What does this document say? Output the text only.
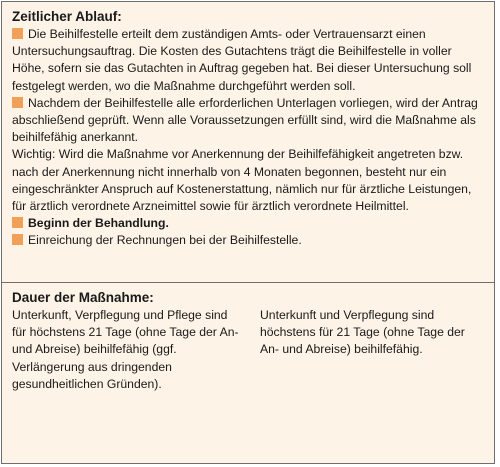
Zeitlicher Ablauf:

Die Beihilfestelle erteilt dem zuständigen Amts- oder Vertrauensarzt einen Untersuchungsauftrag. Die Kosten des Gutachtens trägt die Beihilfestelle in voller Höhe, sofern sie das Gutachten in Auftrag gegeben hat. Bei dieser Untersuchung soll festgelegt werden, wo die Maßnahme durchgeführt werden soll.

Nachdem der Beihilfestelle alle erforderlichen Unterlagen vorliegen, wird der Antrag abschließend geprüft. Wenn alle Voraussetzungen erfüllt sind, wird die Maßnahme als beihilfefähig anerkannt.

Wichtig: Wird die Maßnahme vor Anerkennung der Beihilfefähigkeit angetreten bzw. nach der Anerkennung nicht innerhalb von 4 Monaten begonnen, besteht nur ein eingeschränkter Anspruch auf Kostenerstattung, nämlich nur für ärztliche Leistungen, für ärztlich verordnete Arzneimittel sowie für ärztlich verordnete Heilmittel.

Beginn der Behandlung.

Einreichung der Rechnungen bei der Beihilfestelle.

Dauer der Maßnahme:

Unterkunft, Verpflegung und Pflege sind für höchstens 21 Tage (ohne Tage der An- und Abreise) beihilfefähig (ggf. Verlängerung aus dringenden gesundheitlichen Gründen).

Unterkunft und Verpflegung sind höchstens für 21 Tage (ohne Tage der An- und Abreise) beihilfefähig.
